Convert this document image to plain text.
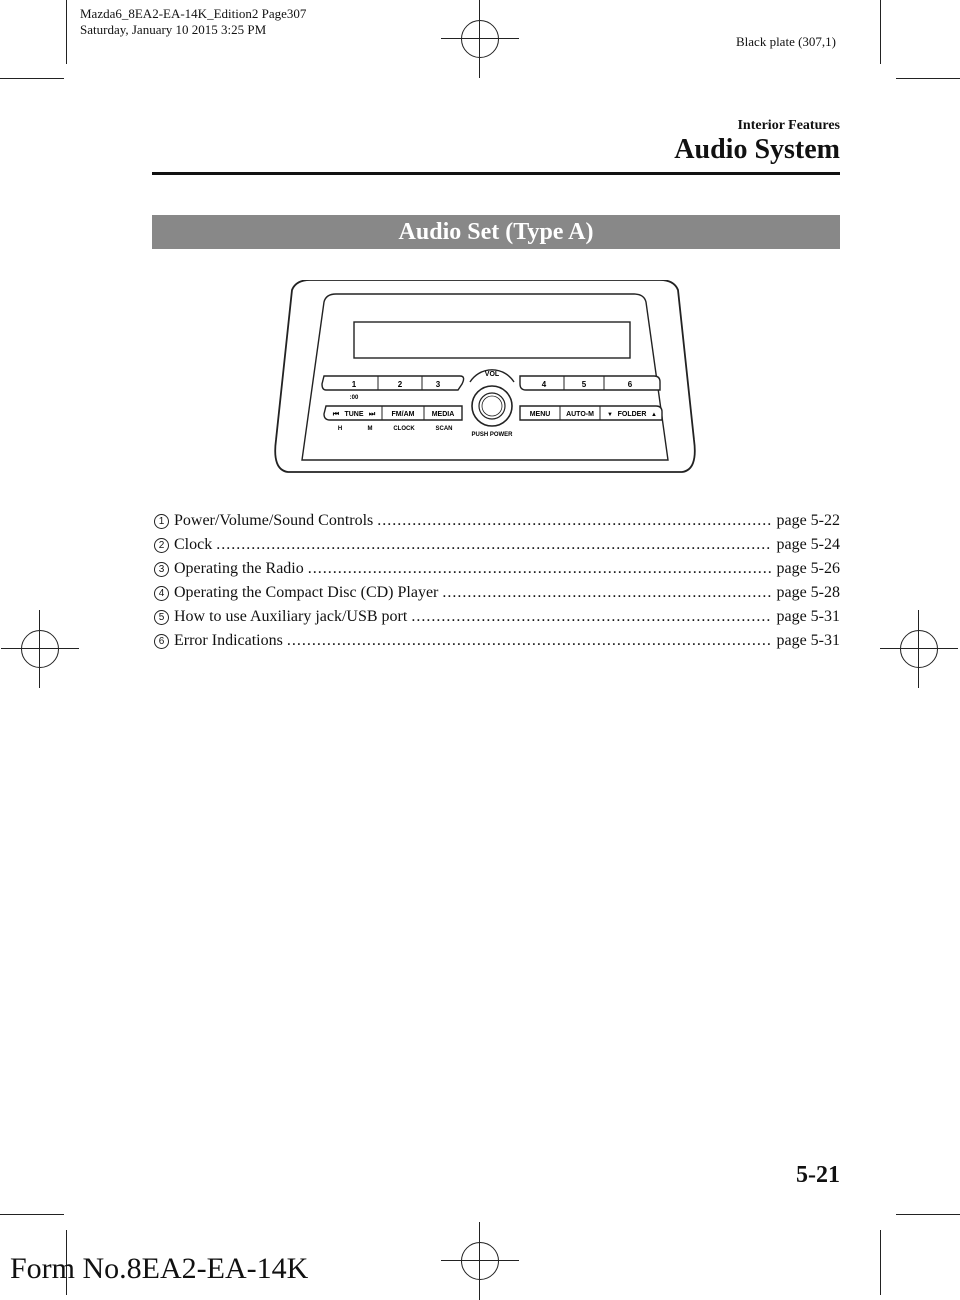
Mazda6_8EA2-EA-14K_Edition2 Page307
Saturday, January 10 2015 3:25 PM
Black plate (307,1)
Interior Features
Audio System
Audio Set (Type A)
1	2	3
:00
4	5	6
TUNE
⏮	⏭ FM/AM MEDIA
H	M	CLOCK	SCAN
MENU AUTO-M	FOLDER
▼	▲
VOL
PUSH POWER
1 Power/Volume/Sound Controls .....	page 5-22
2 Clock .....	page 5-24
3 Operating the Radio .....	page 5-26
4 Operating the Compact Disc (CD) Player .....	page 5-28
5 How to use Auxiliary jack/USB port .....	page 5-31
6 Error Indications .....	page 5-31
5-21
Form No.8EA2-EA-14K
